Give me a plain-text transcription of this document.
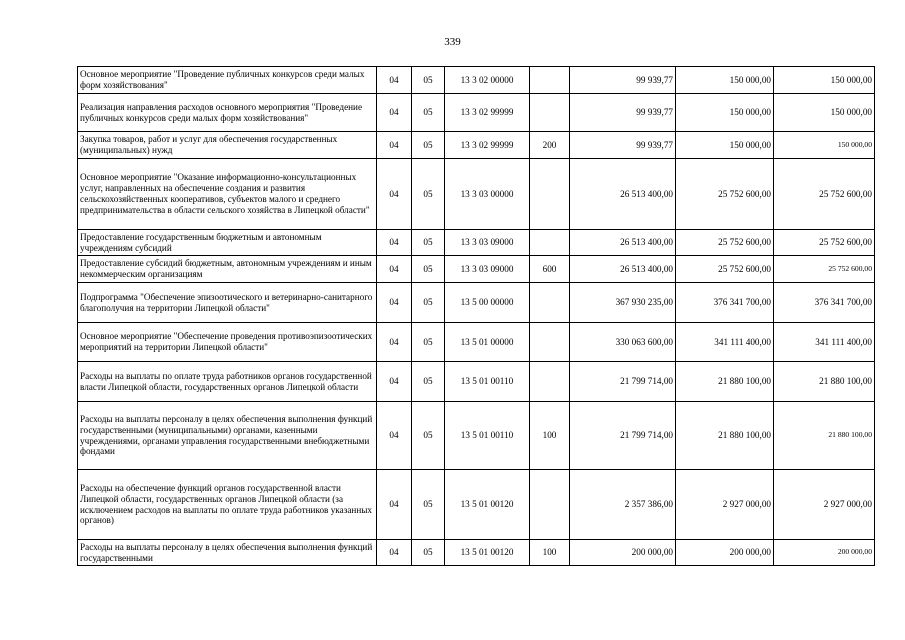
339
Основное мероприятие "Проведение публичных конкурсов среди малых форм хозяйствования"	04	05	13 3 02 00000		99 939,77	150 000,00	150 000,00
Реализация направления расходов основного мероприятия "Проведение публичных конкурсов среди малых форм хозяйствования"	04	05	13 3 02 99999		99 939,77	150 000,00	150 000,00
Закупка товаров, работ и услуг для обеспечения государственных (муниципальных) нужд	04	05	13 3 02 99999	200	99 939,77	150 000,00	150 000,00
Основное мероприятие "Оказание информационно-консультационных услуг, направленных на обеспечение создания и развития сельскохозяйственных кооперативов, субъектов малого и среднего предпринимательства в области сельского хозяйства в Липецкой области"	04	05	13 3 03 00000		26 513 400,00	25 752 600,00	25 752 600,00
Предоставление государственным бюджетным и автономным учреждениям субсидий	04	05	13 3 03 09000		26 513 400,00	25 752 600,00	25 752 600,00
Предоставление субсидий бюджетным, автономным учреждениям и иным некоммерческим организациям	04	05	13 3 03 09000	600	26 513 400,00	25 752 600,00	25 752 600,00
Подпрограмма "Обеспечение эпизоотического и ветеринарно-санитарного благополучия на территории Липецкой области"	04	05	13 5 00 00000		367 930 235,00	376 341 700,00	376 341 700,00
Основное мероприятие "Обеспечение проведения противоэпизоотических мероприятий на территории Липецкой области"	04	05	13 5 01 00000		330 063 600,00	341 111 400,00	341 111 400,00
Расходы на выплаты по оплате труда работников органов государственной власти Липецкой области, государственных органов Липецкой области	04	05	13 5 01 00110		21 799 714,00	21 880 100,00	21 880 100,00
Расходы на выплаты персоналу в целях обеспечения выполнения функций государственными (муниципальными) органами, казенными учреждениями, органами управления государственными внебюджетными фондами	04	05	13 5 01 00110	100	21 799 714,00	21 880 100,00	21 880 100,00
Расходы на обеспечение функций органов государственной власти Липецкой области, государственных органов Липецкой области (за исключением расходов на выплаты по оплате труда работников указанных органов)	04	05	13 5 01 00120		2 357 386,00	2 927 000,00	2 927 000,00
Расходы на выплаты персоналу в целях обеспечения выполнения функций государственными	04	05	13 5 01 00120	100	200 000,00	200 000,00	200 000,00
